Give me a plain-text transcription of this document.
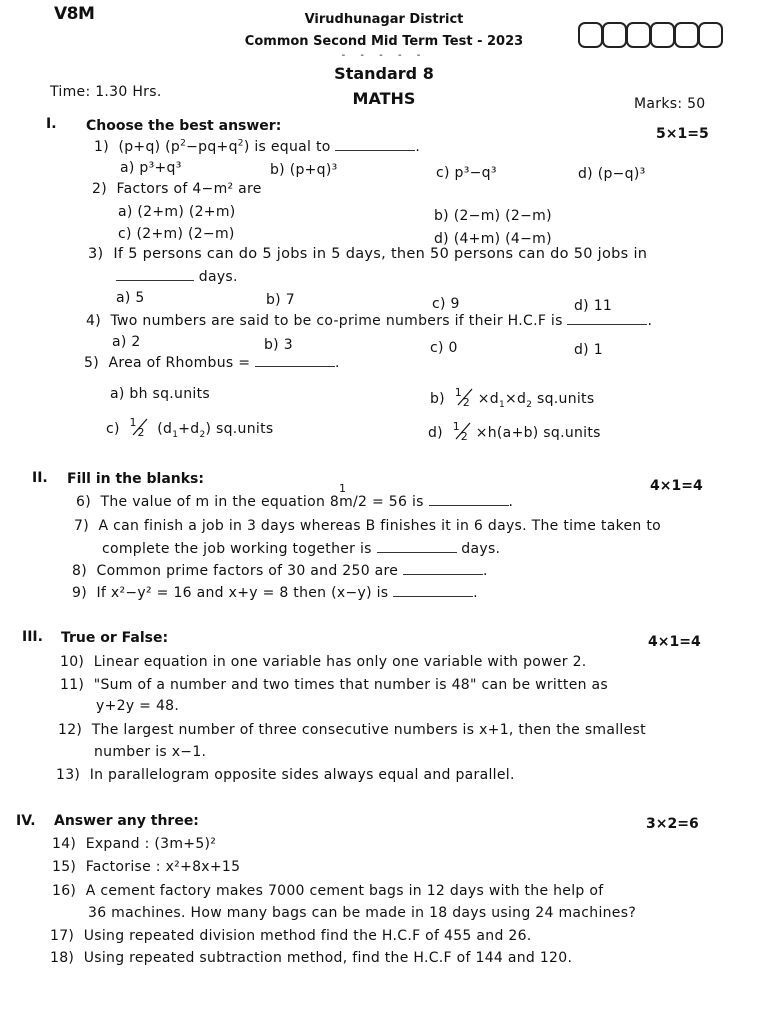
V8M	Virudhunagar District
Common Second Mid Term Test - 2023
- - - - -
Standard 8
MATHS
Time: 1.30 Hrs.
Marks: 50
I. Choose the best answer:	5×1=5
1)  (p+q) $(p^2-pq+q^2)$ is equal to	.
a) p³+q³	b) (p+q)³	c) p³−q³	d) (p−q)³
2) Factors of 4−m² are
a) (2+m) (2+m)	b) (2−m) (2−m)
c) (2+m) (2−m)	d) (4+m) (4−m)
3) If 5 persons can do 5 jobs in 5 days, then 50 persons can do 50 jobs in
days.
a) 5	b) 7	c) 9	d) 11
4) Two numbers are said to be co-prime numbers if their H.C.F is	.
a) 2	b) 3	c) 0	d) 1
5) Area of Rhombus =	.
a) bh sq.units	b) 1
$2 \times d_1\times d_2$ sq.units
c) 1
2 $(d_1+d_2)$ sq.units	d) 1
2 ×h(a+b) sq.units
II. Fill in the blanks:	4×1=4
6) The value of m in the equation 8m
1
/2 = 56 is	.
7) A can finish a job in 3 days whereas B finishes it in 6 days. The time taken to
complete the job working together is	days.
8) Common prime factors of 30 and 250 are	.
9) If x²−y² = 16 and x+y = 8 then (x−y) is	.
III. True or False:	4×1=4
10) Linear equation in one variable has only one variable with power 2.
11) "Sum of a number and two times that number is 48" can be written as
y+2y = 48.
12) The largest number of three consecutive numbers is x+1, then the smallest
number is x−1.
13) In parallelogram opposite sides always equal and parallel.
IV. Answer any three:	3×2=6
14) Expand : (3m+5)²
15) Factorise : x²+8x+15
16) A cement factory makes 7000 cement bags in 12 days with the help of
36 machines. How many bags can be made in 18 days using 24 machines?
17) Using repeated division method find the H.C.F of 455 and 26.
18) Using repeated subtraction method, find the H.C.F of 144 and 120.
